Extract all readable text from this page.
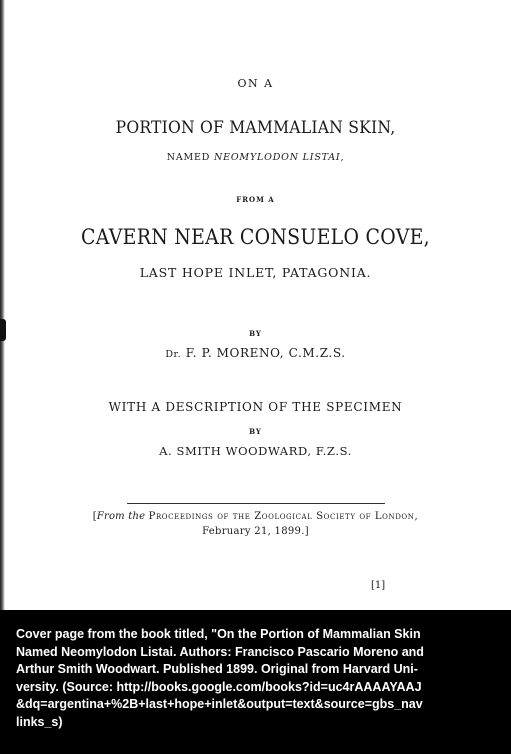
ON A
PORTION OF MAMMALIAN SKIN,
NAMED NEOMYLODON LISTAI,
FROM A
CAVERN NEAR CONSUELO COVE,
LAST HOPE INLET, PATAGONIA.
BY
Dr. F. P. MORENO, C.M.Z.S.
WITH A DESCRIPTION OF THE SPECIMEN
BY
A. SMITH WOODWARD, F.Z.S.
[From the Proceedings of the Zoological Society of London,
February 21, 1899.]
[1]

Cover page from the book titled, "On the Portion of Mammalian Skin
Named Neomylodon Listai. Authors: Francisco Pascario Moreno and
Arthur Smith Woodwart. Published 1899. Original from Harvard Uni-
versity. (Source: http://books.google.com/books?id=uc4rAAAAYAAJ
&dq=argentina+%2B+last+hope+inlet&output=text&source=gbs_nav
links_s)
